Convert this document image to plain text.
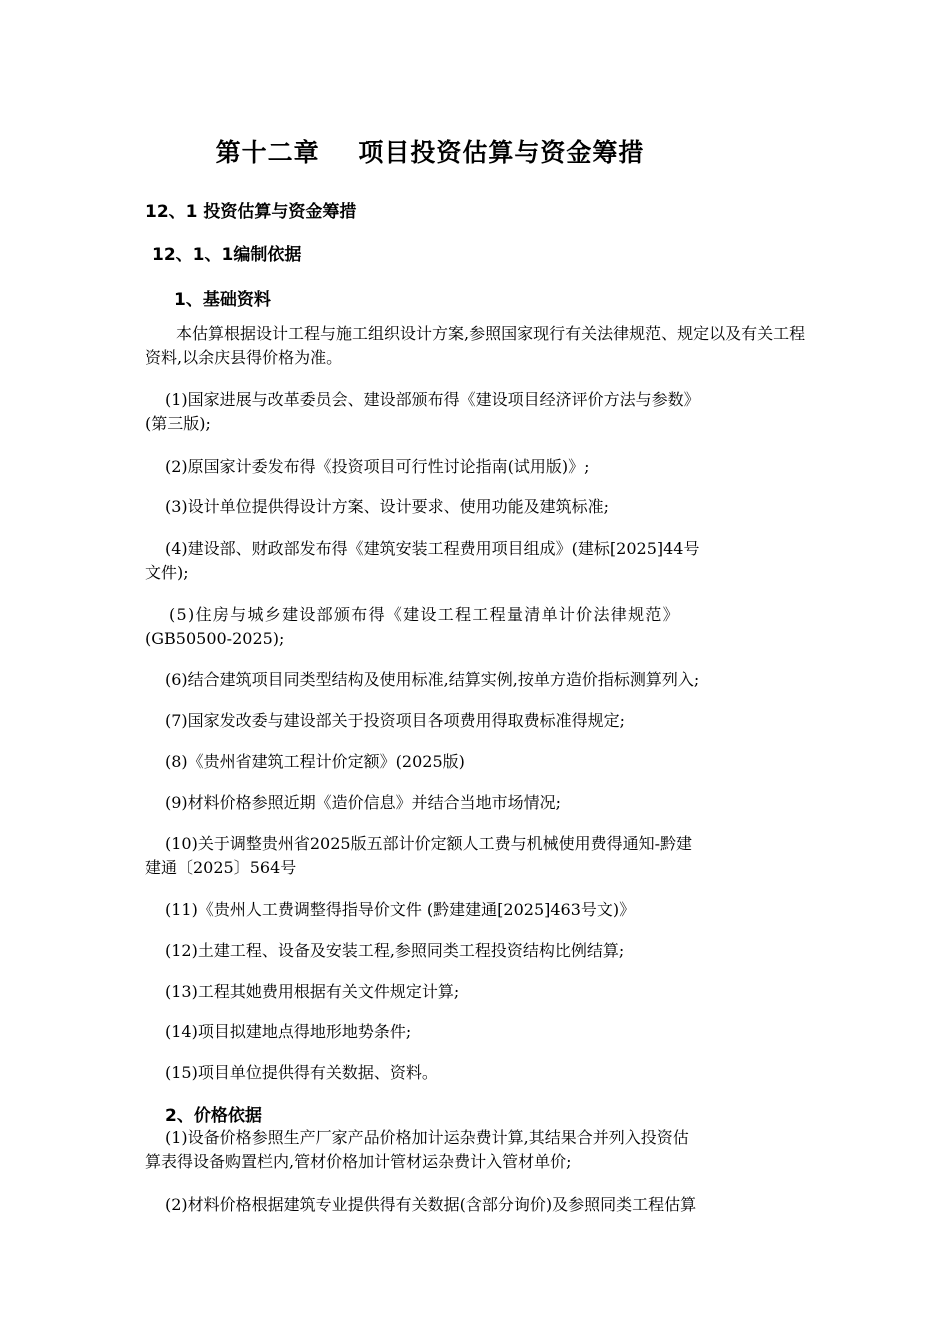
第十二章    项目投资估算与资金筹措
12、1 投资估算与资金筹措
12、1、1编制依据
1、基础资料
本估算根据设计工程与施工组织设计方案,参照国家现行有关法律规范、规定以及有关工程资料,以余庆县得价格为准。
(1)国家进展与改革委员会、建设部颁布得《建设项目经济评价方法与参数》
(第三版);
(2)原国家计委发布得《投资项目可行性讨论指南(试用版)》;
(3)设计单位提供得设计方案、设计要求、使用功能及建筑标准;
(4)建设部、财政部发布得《建筑安装工程费用项目组成》(建标[2025]44号
文件);
(5)住房与城乡建设部颁布得《建设工程工程量清单计价法律规范》
(GB50500-2025);
(6)结合建筑项目同类型结构及使用标准,结算实例,按单方造价指标测算列入;
(7)国家发改委与建设部关于投资项目各项费用得取费标准得规定;
(8)《贵州省建筑工程计价定额》(2025版)
(9)材料价格参照近期《造价信息》并结合当地市场情况;
(10)关于调整贵州省2025版五部计价定额人工费与机械使用费得通知-黔建
建通〔2025〕564号
(11)《贵州人工费调整得指导价文件 (黔建建通[2025]463号文)》
(12)土建工程、设备及安装工程,参照同类工程投资结构比例结算;
(13)工程其她费用根据有关文件规定计算;
(14)项目拟建地点得地形地势条件;
(15)项目单位提供得有关数据、资料。
2、价格依据
(1)设备价格参照生产厂家产品价格加计运杂费计算,其结果合并列入投资估
算表得设备购置栏内,管材价格加计管材运杂费计入管材单价;
(2)材料价格根据建筑专业提供得有关数据(含部分询价)及参照同类工程估算
